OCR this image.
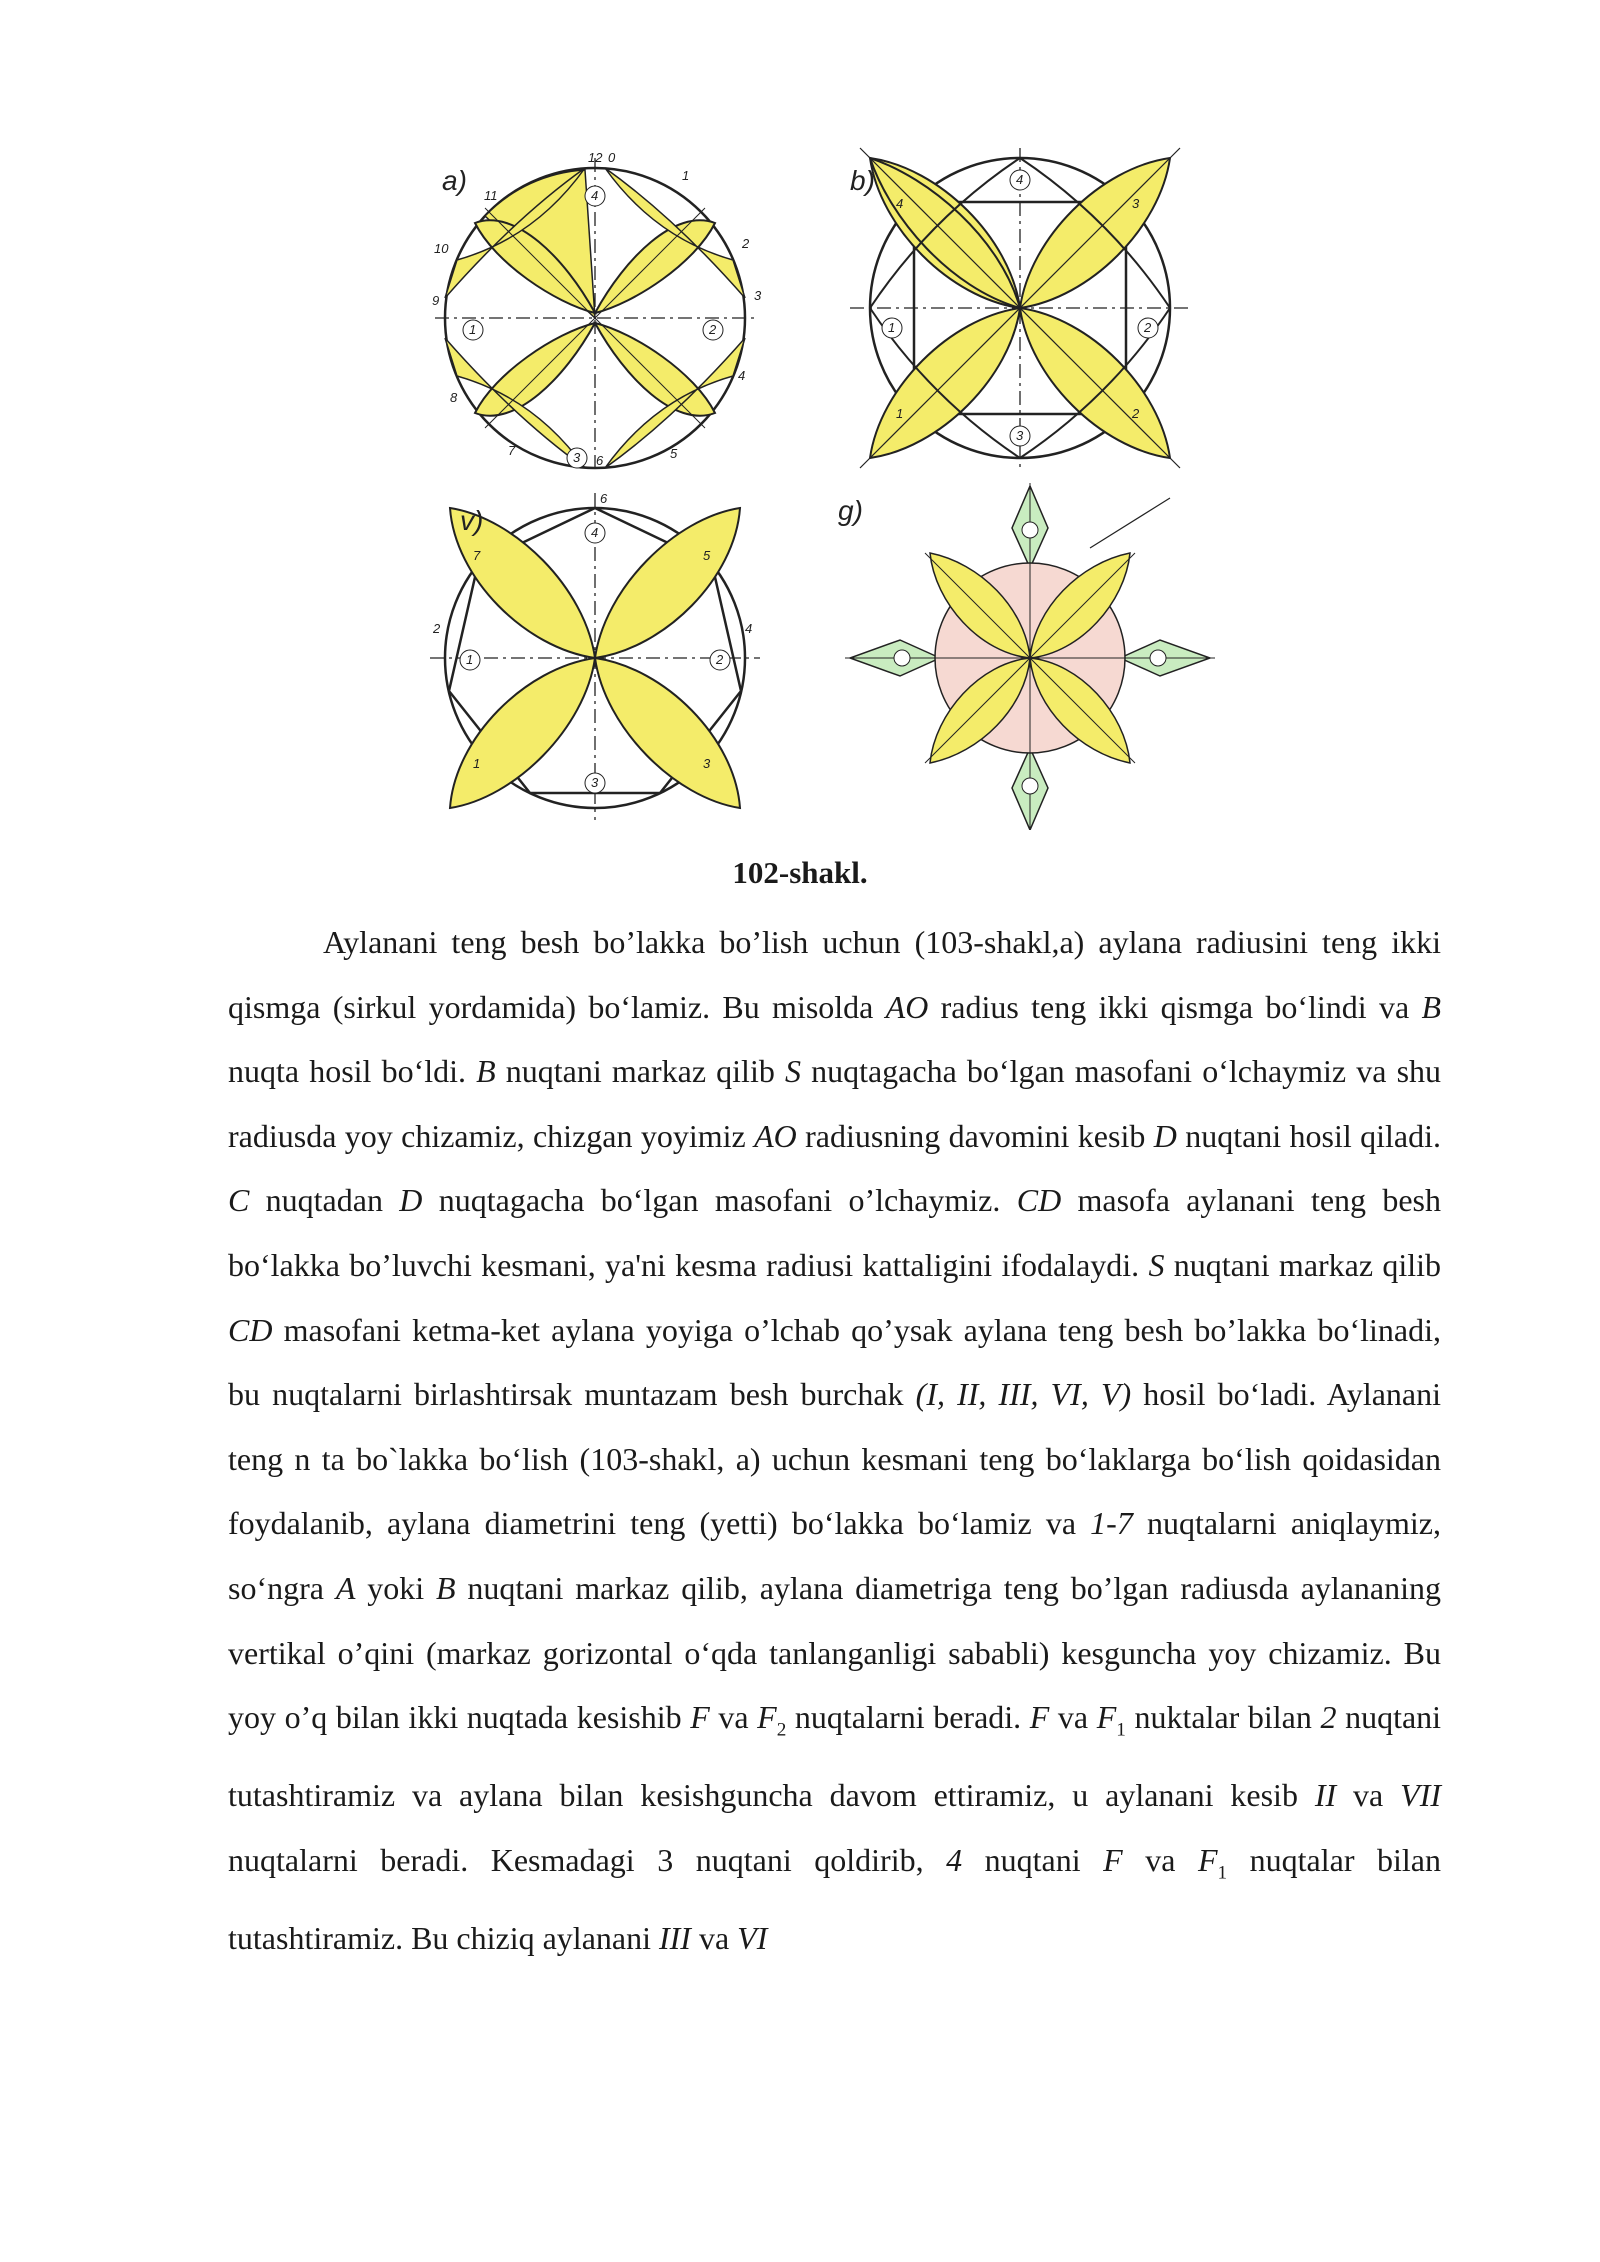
4
2
3
1
a)
12 0
1
2
3
4
5
6
7
8
9
10
11
4
2
3
1
4	3
1	2
b)
4
2
3
1
6
5
4
3
2
1
7
v)	g)
102-shakl.

Aylanani teng besh bo’lakka bo’lish uchun (103-shakl,a) aylana radiusini teng ikki qismga (sirkul yordamida) bo‘lamiz. Bu misolda AO radius teng ikki qismga bo‘lindi va B nuqta hosil bo‘ldi. B nuqtani markaz qilib S nuqtagacha bo‘lgan masofani o‘lchaymiz va shu radiusda yoy chizamiz, chizgan yoyimiz AO radiusning davomini kesib D nuqtani hosil qiladi. C nuqtadan D nuqtagacha bo‘lgan masofani o’lchaymiz. CD masofa aylanani teng besh bo‘lakka bo’luvchi kesmani, ya'ni kesma radiusi kattaligini ifodalaydi. S nuqtani markaz qilib CD masofani ketma-ket aylana yoyiga o’lchab qo’ysak aylana teng besh bo’lakka bo‘linadi, bu nuqtalarni birlashtirsak muntazam besh burchak (I, II, III, VI, V) hosil bo‘ladi. Aylanani teng n ta bo`lakka bo‘lish (103-shakl, a) uchun kesmani teng bo‘laklarga bo‘lish qoidasidan foydalanib, aylana diametrini teng (yetti) bo‘lakka bo‘lamiz va 1-7 nuqtalarni aniqlaymiz, so‘ngra A yoki B nuqtani markaz qilib, aylana diametriga teng bo’lgan radiusda aylananing vertikal o’qini (markaz gorizontal o‘qda tanlanganligi sababli) kesguncha yoy chizamiz. Bu yoy o’q bilan ikki nuqtada kesishib F va $F_2$ nuqtalarni beradi. F va $F_1$ nuktalar bilan 2 nuqtani tutashtiramiz va aylana bilan kesishguncha davom ettiramiz, u aylanani kesib II va VII nuqtalarni beradi. Kesmadagi 3 nuqtani qoldirib, 4 nuqtani F va $F_1$ nuqtalar bilan tutashtiramiz. Bu chiziq aylanani III va VI
